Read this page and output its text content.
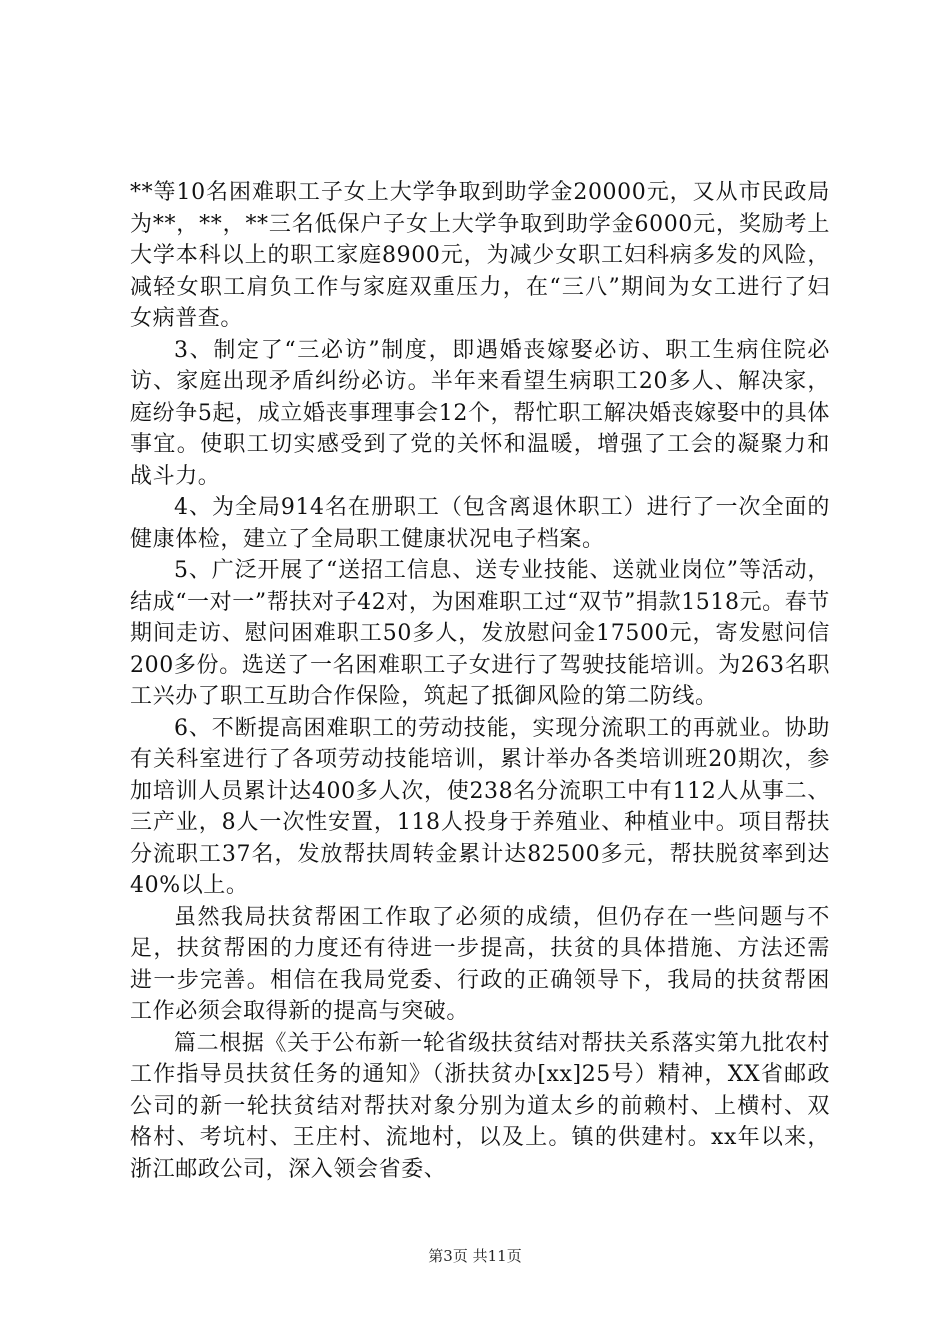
**等10名困难职工子女上大学争取到助学金20000元，又从市民政局为**，**，**三名低保户子女上大学争取到助学金6000元，奖励考上大学本科以上的职工家庭8900元，为减少女职工妇科病多发的风险，减轻女职工肩负工作与家庭双重压力，在“三八”期间为女工进行了妇女病普查。

3、制定了“三必访”制度，即遇婚丧嫁娶必访、职工生病住院必访、家庭出现矛盾纠纷必访。半年来看望生病职工20多人、解决家，庭纷争5起，成立婚丧事理事会12个，帮忙职工解决婚丧嫁娶中的具体事宜。使职工切实感受到了党的关怀和温暖，增强了工会的凝聚力和战斗力。

4、为全局914名在册职工（包含离退休职工）进行了一次全面的健康体检，建立了全局职工健康状况电子档案。

5、广泛开展了“送招工信息、送专业技能、送就业岗位”等活动，结成“一对一”帮扶对子42对，为困难职工过“双节”捐款1518元。春节期间走访、慰问困难职工50多人，发放慰问金17500元，寄发慰问信200多份。选送了一名困难职工子女进行了驾驶技能培训。为263名职工兴办了职工互助合作保险，筑起了抵御风险的第二防线。

6、不断提高困难职工的劳动技能，实现分流职工的再就业。协助有关科室进行了各项劳动技能培训，累计举办各类培训班20期次，参加培训人员累计达400多人次，使238名分流职工中有112人从事二、三产业，8人一次性安置，118人投身于养殖业、种植业中。项目帮扶分流职工37名，发放帮扶周转金累计达82500多元，帮扶脱贫率到达40%以上。

虽然我局扶贫帮困工作取了必须的成绩，但仍存在一些问题与不足，扶贫帮困的力度还有待进一步提高，扶贫的具体措施、方法还需进一步完善。相信在我局党委、行政的正确领导下，我局的扶贫帮困工作必须会取得新的提高与突破。

篇二根据《关于公布新一轮省级扶贫结对帮扶关系落实第九批农村工作指导员扶贫任务的通知》（浙扶贫办[xx]25号）精神，XX省邮政公司的新一轮扶贫结对帮扶对象分别为道太乡的前赖村、上横村、双格村、考坑村、王庄村、流地村，以及上。镇的供建村。xx年以来，浙江邮政公司，深入领会省委、

第3页 共11页
